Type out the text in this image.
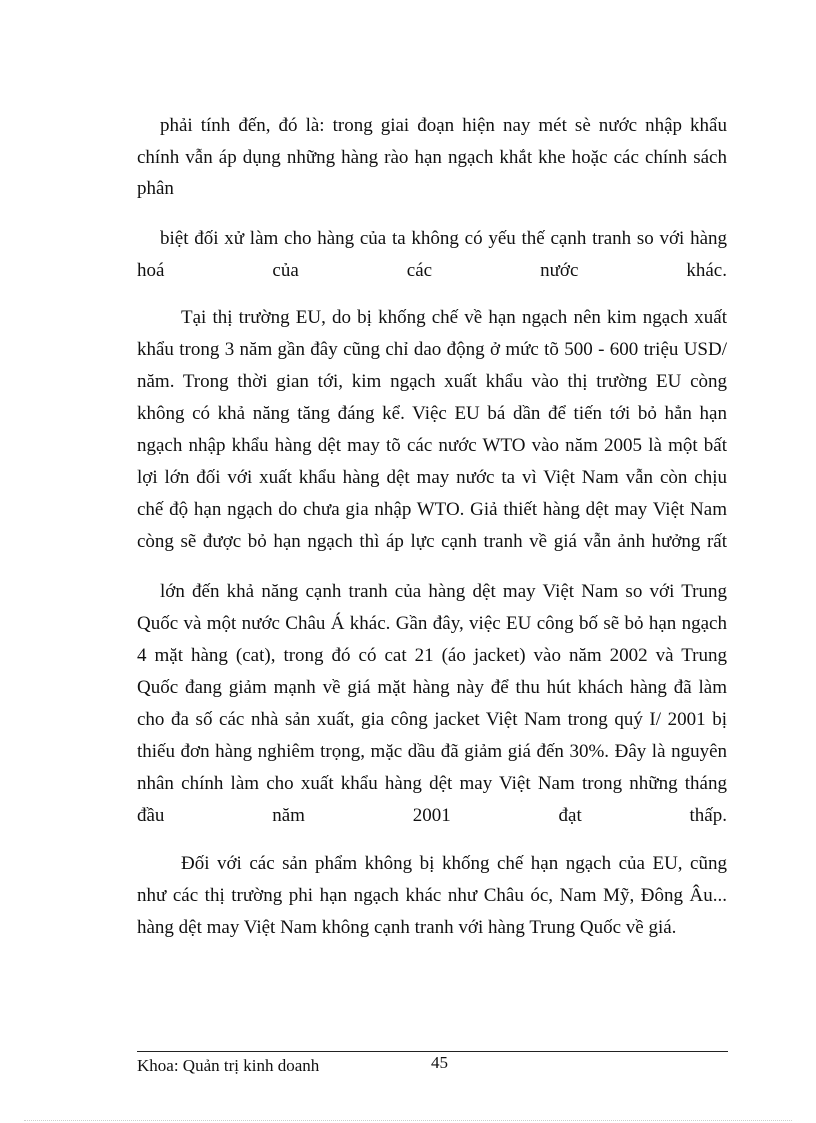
phải tính đến, đó là: trong giai đoạn hiện nay mét sè nước nhập khẩu
chính vẫn áp dụng những hàng rào hạn ngạch khắt khe hoặc các chính sách
phân
biệt đối xử làm cho hàng của ta không có yếu thế cạnh tranh so với hàng
hoá của các nước khác.
Tại thị trường EU, do bị khống chế về hạn ngạch nên kim ngạch xuất
khẩu trong 3 năm gần đây cũng chỉ dao động ở mức tõ 500 - 600 triệu USD/
năm. Trong thời gian tới, kim ngạch xuất khẩu vào thị trường EU còng
không có khả năng tăng đáng kể. Việc EU bá dần để tiến tới bỏ hẳn hạn
ngạch nhập khẩu hàng dệt may tõ các nước WTO vào năm 2005 là một bất
lợi lớn đối với xuất khẩu hàng dệt may nước ta vì Việt Nam vẫn còn chịu
chế độ hạn ngạch do chưa gia nhập WTO. Giả thiết hàng dệt may Việt Nam
còng sẽ được bỏ hạn ngạch thì áp lực cạnh tranh về giá vẫn ảnh hưởng rất
lớn đến khả năng cạnh tranh của hàng dệt may Việt Nam so với Trung
Quốc và một nước Châu Á khác. Gần đây, việc EU công bố sẽ bỏ hạn ngạch
4 mặt hàng (cat), trong đó có cat 21 (áo jacket) vào năm 2002 và Trung
Quốc đang giảm mạnh về giá mặt hàng này để thu hút khách hàng đã làm
cho đa số các nhà sản xuất, gia công jacket Việt Nam trong quý I/ 2001 bị
thiếu đơn hàng nghiêm trọng, mặc dầu đã giảm giá đến 30%. Đây là nguyên
nhân chính làm cho xuất khẩu hàng dệt may Việt Nam trong những tháng
đầu năm 2001 đạt thấp.
Đối với các sản phẩm không bị khống chế hạn ngạch của EU, cũng
như các thị trường phi hạn ngạch khác như Châu óc, Nam Mỹ, Đông Âu...
hàng dệt may Việt Nam không cạnh tranh với hàng Trung Quốc về giá.
Khoa: Quản trị kinh doanh	45
